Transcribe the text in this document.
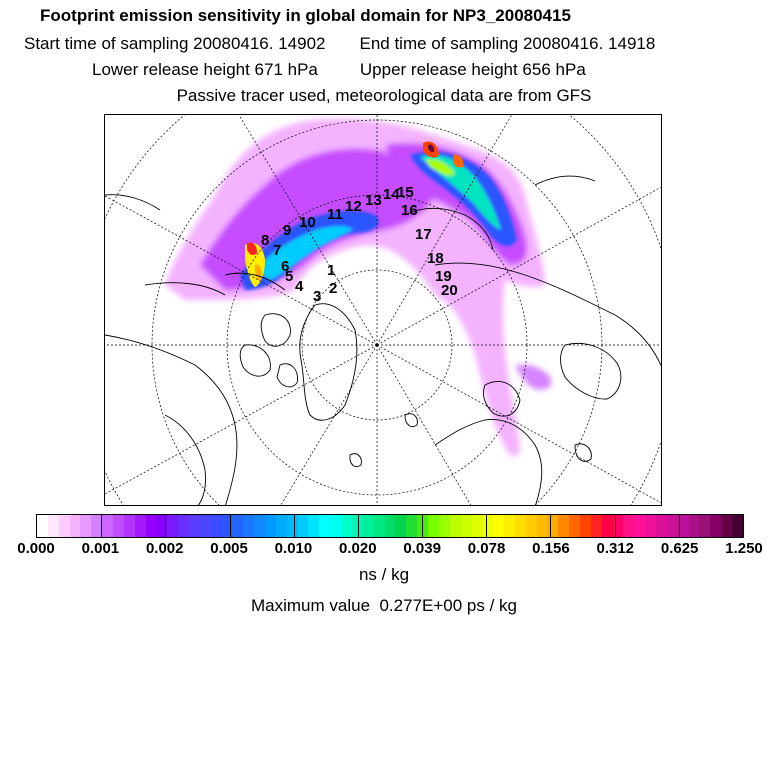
Footprint emission sensitivity in global domain for NP3_20080415
Start time of sampling 20080416. 14902 End time of sampling 20080416. 14918
Lower release height 671 hPa Upper release height 656 hPa
Passive tracer used, meteorological data are from GFS
1
2
3
4
5
6
7
8
9 10 11 12 13 14
15
16
17
18
19
20
0.000 0.001 0.002 0.005 0.010 0.020 0.039 0.078 0.156 0.312 0.625 1.250
ns / kg
Maximum value  0.277E+00 ps / kg
